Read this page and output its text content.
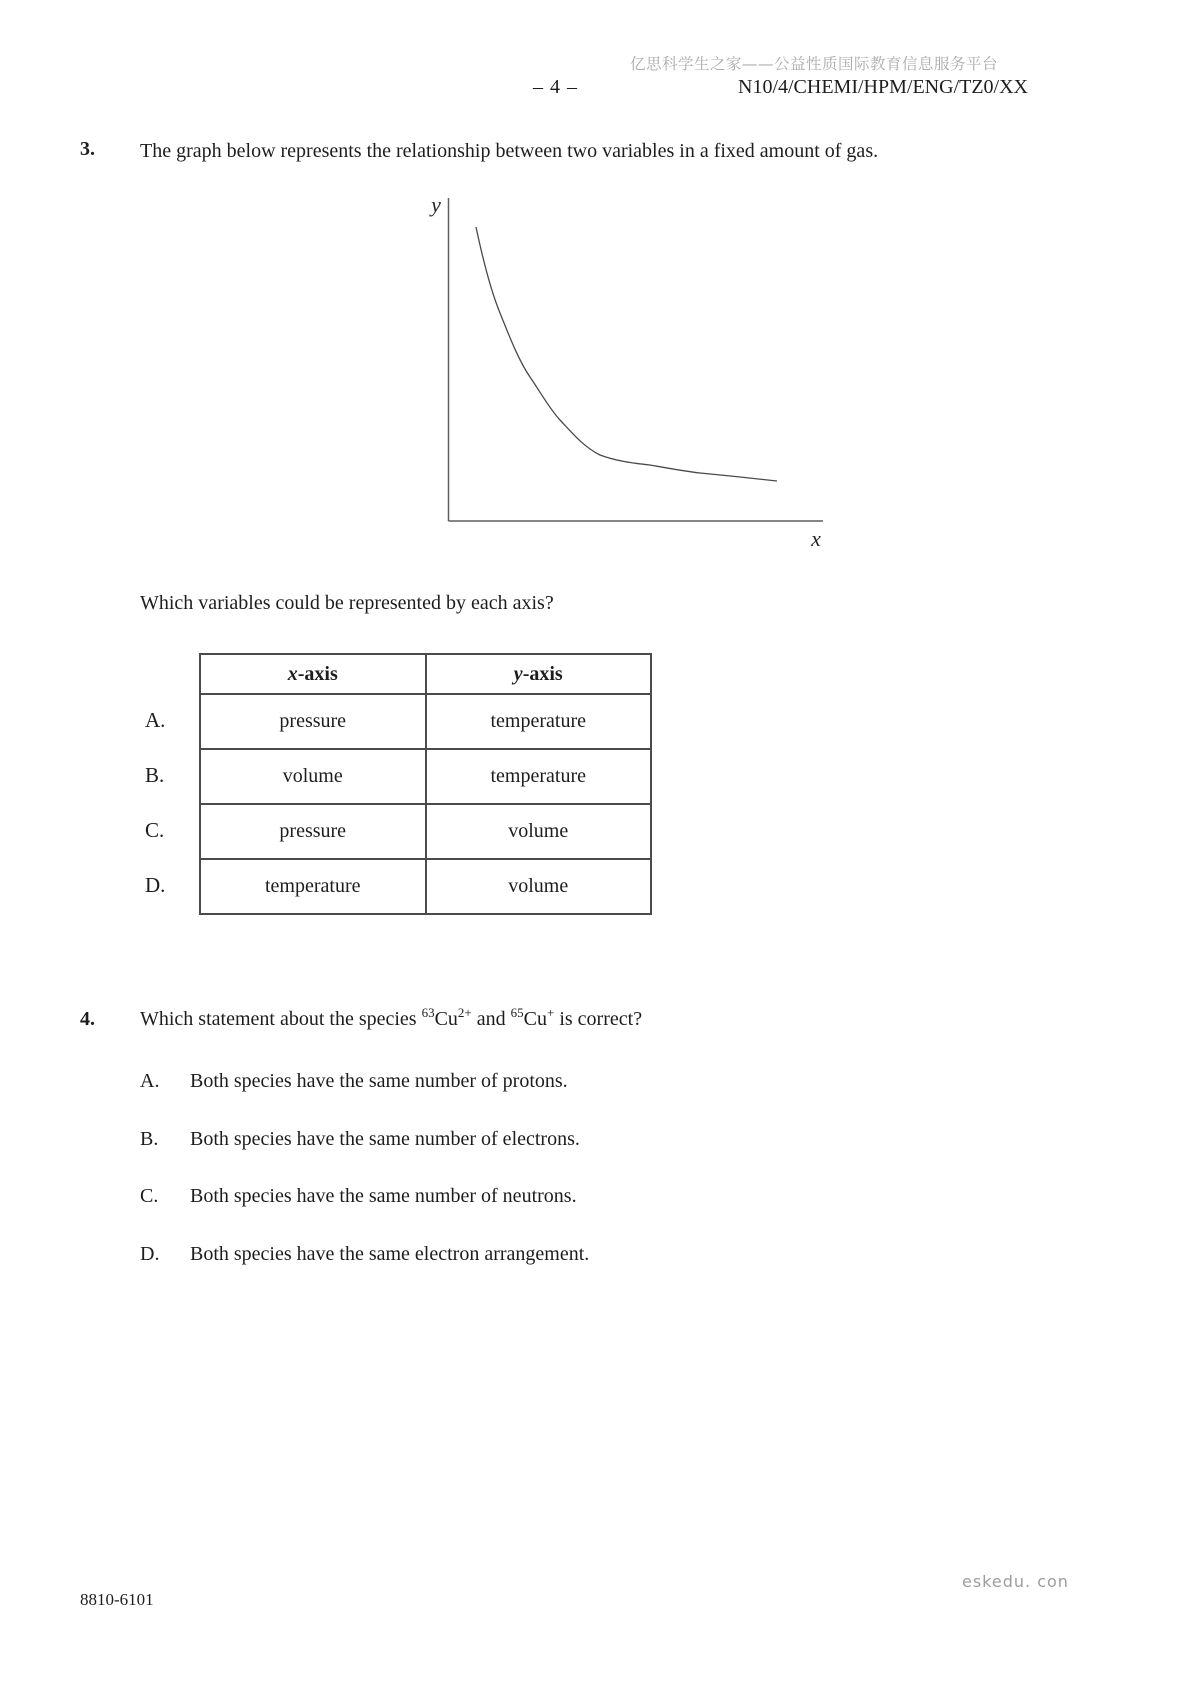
亿思科学生之家——公益性质国际教育信息服务平台
– 4 –	N10/4/CHEMI/HPM/ENG/TZ0/XX
3. The graph below represents the relationship between two variables in a fixed amount of gas.
y
x
Which variables could be represented by each axis?
A.
B.
C.
D.
x-axis	y-axis
pressure	temperature
volume	temperature
pressure	volume
temperature	volume
4. Which statement about the species $^{63}Cu^{2+}$ and $^{65}$Cu+ is correct?
A. Both species have the same number of protons.
B. Both species have the same number of electrons.
C. Both species have the same number of neutrons.
D. Both species have the same electron arrangement.
8810-6101
eskedu. con
